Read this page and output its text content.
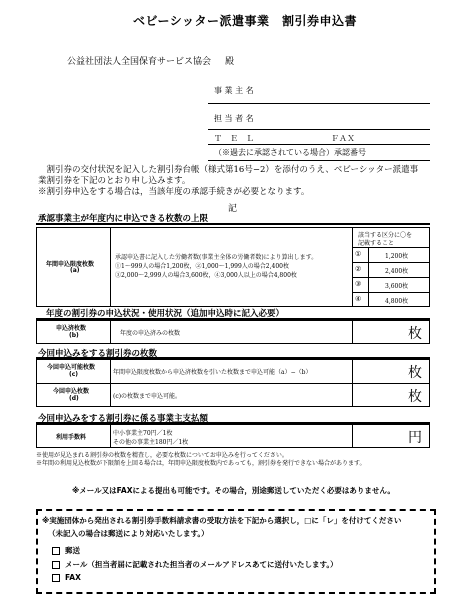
ベビーシッター派遣事業　割引券申込書
公益社団法人全国保育サービス協会 殿
事 業 主 名
担 当 者 名
Ｔ　Ｅ　Ｌ	ＦＡＸ
（※過去に承認されている場合）承認番号
　割引券の交付状況を記入した割引券台帳（様式第16号−2）を添付のうえ、ベビーシッター派遣事
業割引券を下記のとおり申し込みます。
※割引券申込をする場合は，当該年度の承認手続きが必要となります。
記
承認事業主が年度内に申込できる枚数の上限
年間申込限度枚数
(a)
承認申込書に記入した労働者数(事業主全体の労働者数)により算出します。
①1〜999人の場合1,200枚，②1,000〜1,999人の場合2,400枚
③2,000〜2,999人の場合3,600枚，④3,000人以上の場合4,800枚
該当する区分に〇を
記載すること
①	1,200枚
②	2,400枚
③	3,600枚
④	4,800枚
年度の割引券の申込状況・使用状況（追加申込時に記入必要）
申込済枚数
(b)	年度の申込済みの枚数	枚
今回申込みをする割引券の枚数
今回申込可能枚数
(c)	年間申込限度枚数から申込済枚数を引いた枚数まで申込可能（a）−（b）	枚
今回申込枚数
(d)	(c)の枚数まで申込可能。	枚
今回申込みをする割引券に係る事業主支払額
利用手数料
中小事業主70円／1枚
その他の事業主180円／1枚	円
※使用が見込まれる割引券の枚数を精査し，必要な枚数についてお申込みを行ってください。
※年間の利用見込枚数が下限額を上回る場合は，年間申込限度枚数内であっても，割引券を発行できない場合があります。
※メール又はFAXによる提出も可能です。その場合，別途郵送していただく必要はありません。
※実施団体から発出される割引券手数料請求書の受取方法を下記から選択し，□に「レ」を付けてください
（未記入の場合は郵送により対応いたします。）
郵送
メール（担当者届に記載された担当者のメールアドレスあてに送付いたします。）
FAX
